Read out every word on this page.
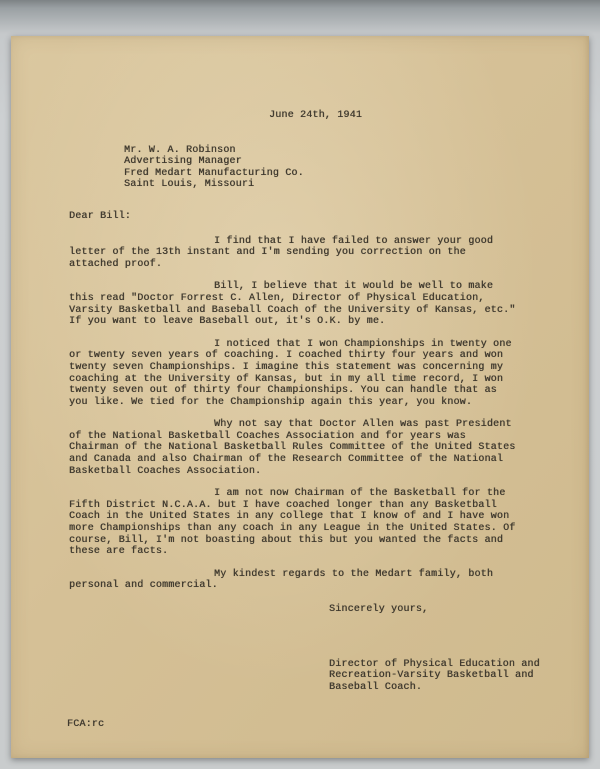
June 24th, 1941
Mr. W. A. Robinson
Advertising Manager
Fred Medart Manufacturing Co.
Saint Louis, Missouri
Dear Bill:

I find that I have failed to answer your good letter of the 13th instant and I'm sending you correction on the attached proof.

Bill, I believe that it would be well to make this read "Doctor Forrest C. Allen, Director of Physical Education, Varsity Basketball and Baseball Coach of the University of Kansas, etc." If you want to leave Baseball out, it's O.K. by me.

I noticed that I won Championships in twenty one or twenty seven years of coaching. I coached thirty four years and won twenty seven Championships. I imagine this statement was concerning my coaching at the University of Kansas, but in my all time record, I won twenty seven out of thirty four Championships. You can handle that as you like. We tied for the Championship again this year, you know.

Why not say that Doctor Allen was past President of the National Basketball Coaches Association and for years was Chairman of the National Basketball Rules Committee of the United States and Canada and also Chairman of the Research Committee of the National Basketball Coaches Association.

I am not now Chairman of the Basketball for the Fifth District N.C.A.A. but I have coached longer than any Basketball Coach in the United States in any college that I know of and I have won more Championships than any coach in any League in the United States. Of course, Bill, I'm not boasting about this but you wanted the facts and these are facts.

My kindest regards to the Medart family, both personal and commercial.

Sincerely yours,
Director of Physical Education and
Recreation-Varsity Basketball and
Baseball Coach.
FCA:rc
